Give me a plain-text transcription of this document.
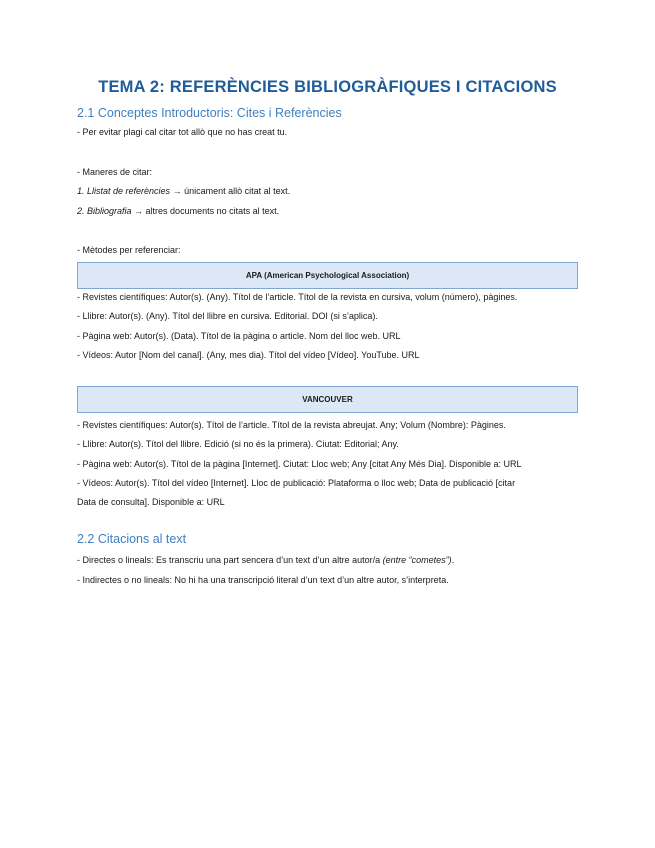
TEMA 2: REFERÈNCIES BIBLIOGRÀFIQUES I CITACIONS
2.1 Conceptes Introductoris: Cites i Referències
- Per evitar plagi cal citar tot allò que no has creat tu.
- Maneres de citar:
1. Llistat de referències → únicament allò citat al text.
2. Bibliografia → altres documents no citats al text.
- Mètodes per referenciar:
APA (American Psychological Association)
- Revistes científiques: Autor(s). (Any). Títol de l’article. Títol de la revista en cursiva, volum (número), pàgines.
- Llibre: Autor(s). (Any). Títol del llibre en cursiva. Editorial. DOI (si s’aplica).
- Pàgina web: Autor(s). (Data). Títol de la pàgina o article. Nom del lloc web. URL
- Vídeos: Autor [Nom del canal]. (Any, mes dia). Títol del vídeo [Vídeo]. YouTube. URL
VANCOUVER
- Revistes científiques: Autor(s). Títol de l’article. Títol de la revista abreujat. Any; Volum (Nombre): Pàgines.
- Llibre: Autor(s). Títol del llibre. Edició (si no és la primera). Ciutat: Editorial; Any.
- Pàgina web: Autor(s). Títol de la pàgina [Internet]. Ciutat: Lloc web; Any [citat Any Més Dia]. Disponible a: URL
- Vídeos: Autor(s). Títol del vídeo [Internet]. Lloc de publicació: Plataforma o lloc web; Data de publicació [citar
Data de consulta]. Disponible a: URL
2.2 Citacions al text
- Directes o lineals: Es transcriu una part sencera d’un text d’un altre autor/a (entre “cometes”).
- Indirectes o no lineals: No hi ha una transcripció literal d’un text d’un altre autor, s’interpreta.
